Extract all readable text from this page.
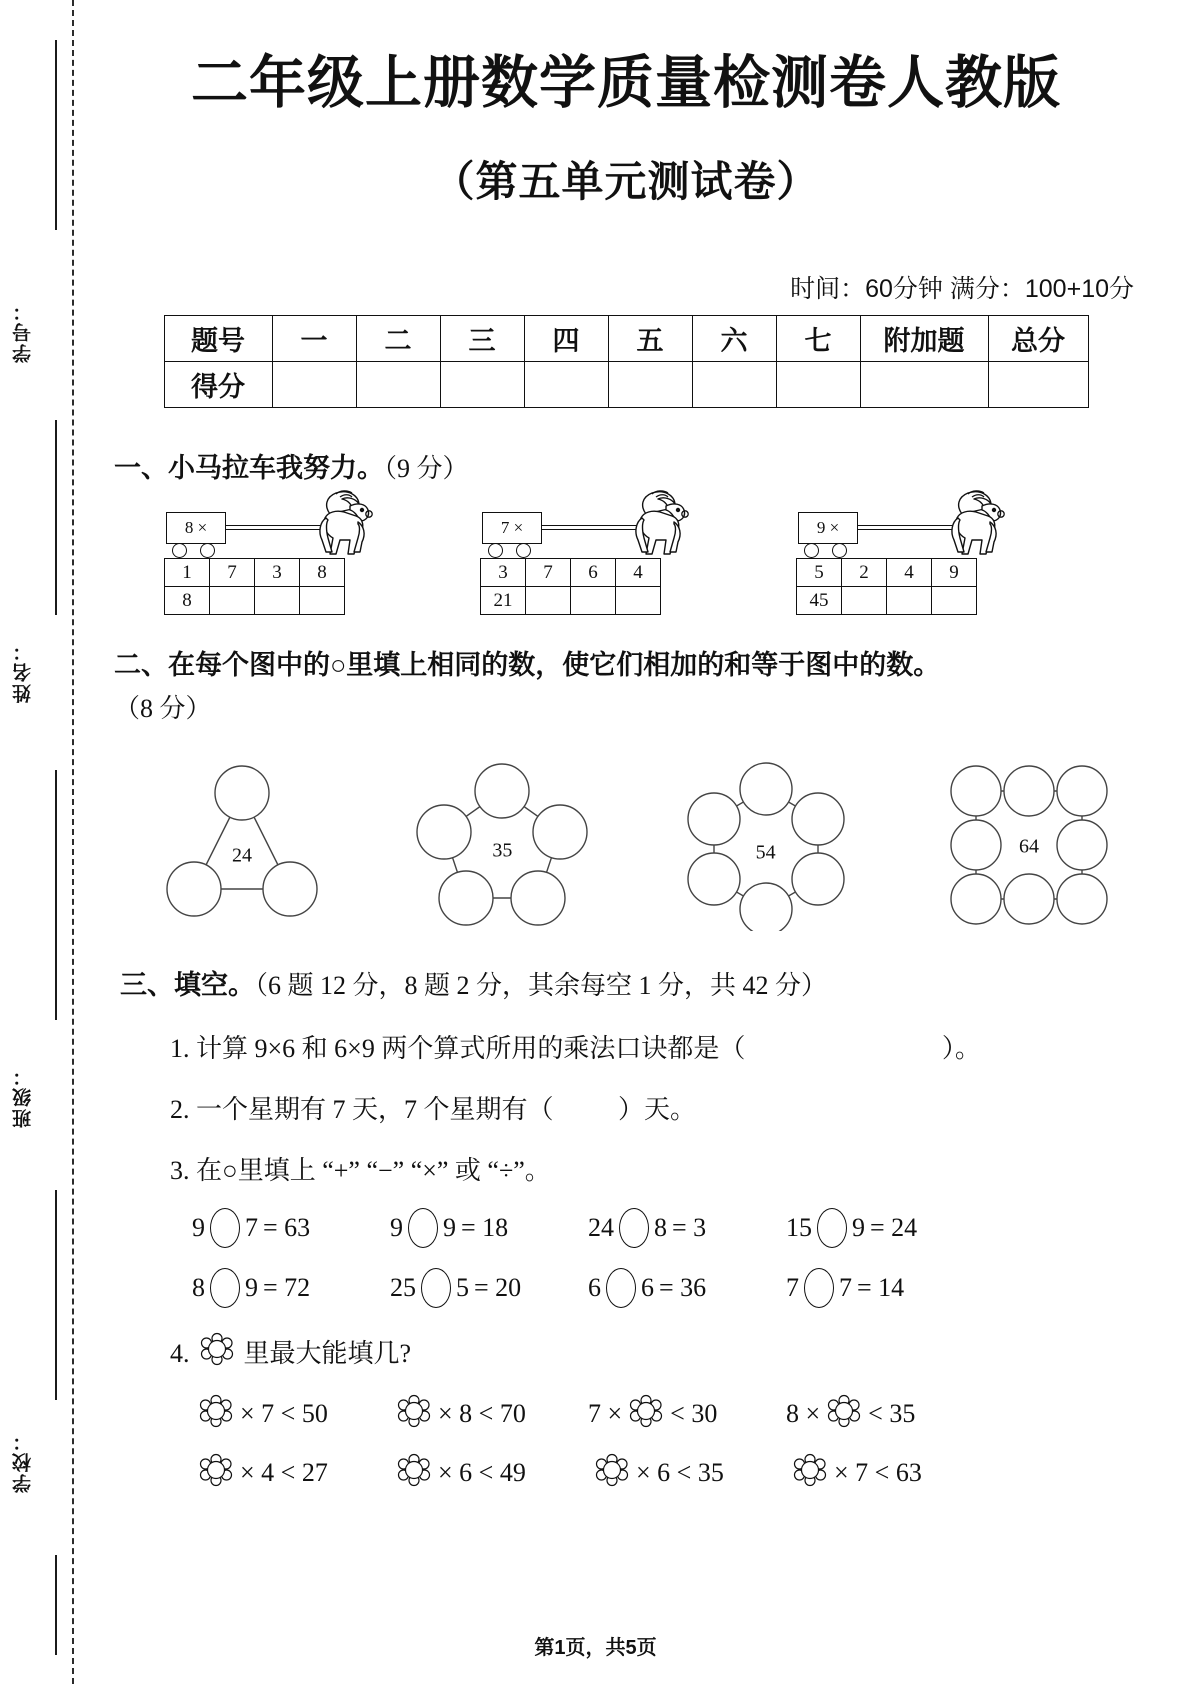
学号：
姓名：
班级：
学校：
二年级上册数学质量检测卷人教版
（第五单元测试卷）
时间：60分钟 满分：100+10分
题号	一	二	三	四	五	六	七	附加题	总分
得分									
一、小马拉车我努力。（9 分）
8 ×
1	7	3	8
8			
7 ×
3	7	6	4
21			
9 ×
5	2	4	9
45			
二、在每个图中的○里填上相同的数，使它们相加的和等于图中的数。
（8 分）
24	35	54	64
三、填空。（6 题 12 分，8 题 2 分，其余每空 1 分，共 42 分）
1. 计算 9×6 和 6×9 两个算式所用的乘法口诀都是（	）。
2. 一个星期有 7 天，7 个星期有（ ）天。
3. 在○里填上 “+” “−” “×” 或 “÷”。
9 7 = 63	9 9 = 18	24 8 = 3	15 9 = 24
8 9 = 72	25 5 = 20	6 6 = 36	7 7 = 14
4. 里最大能填几?
× 7 < 50	× 8 < 70 7 × < 30	8 × < 35
× 4 < 27	× 6 < 49	× 6 < 35	× 7 < 63
第1页，共5页
